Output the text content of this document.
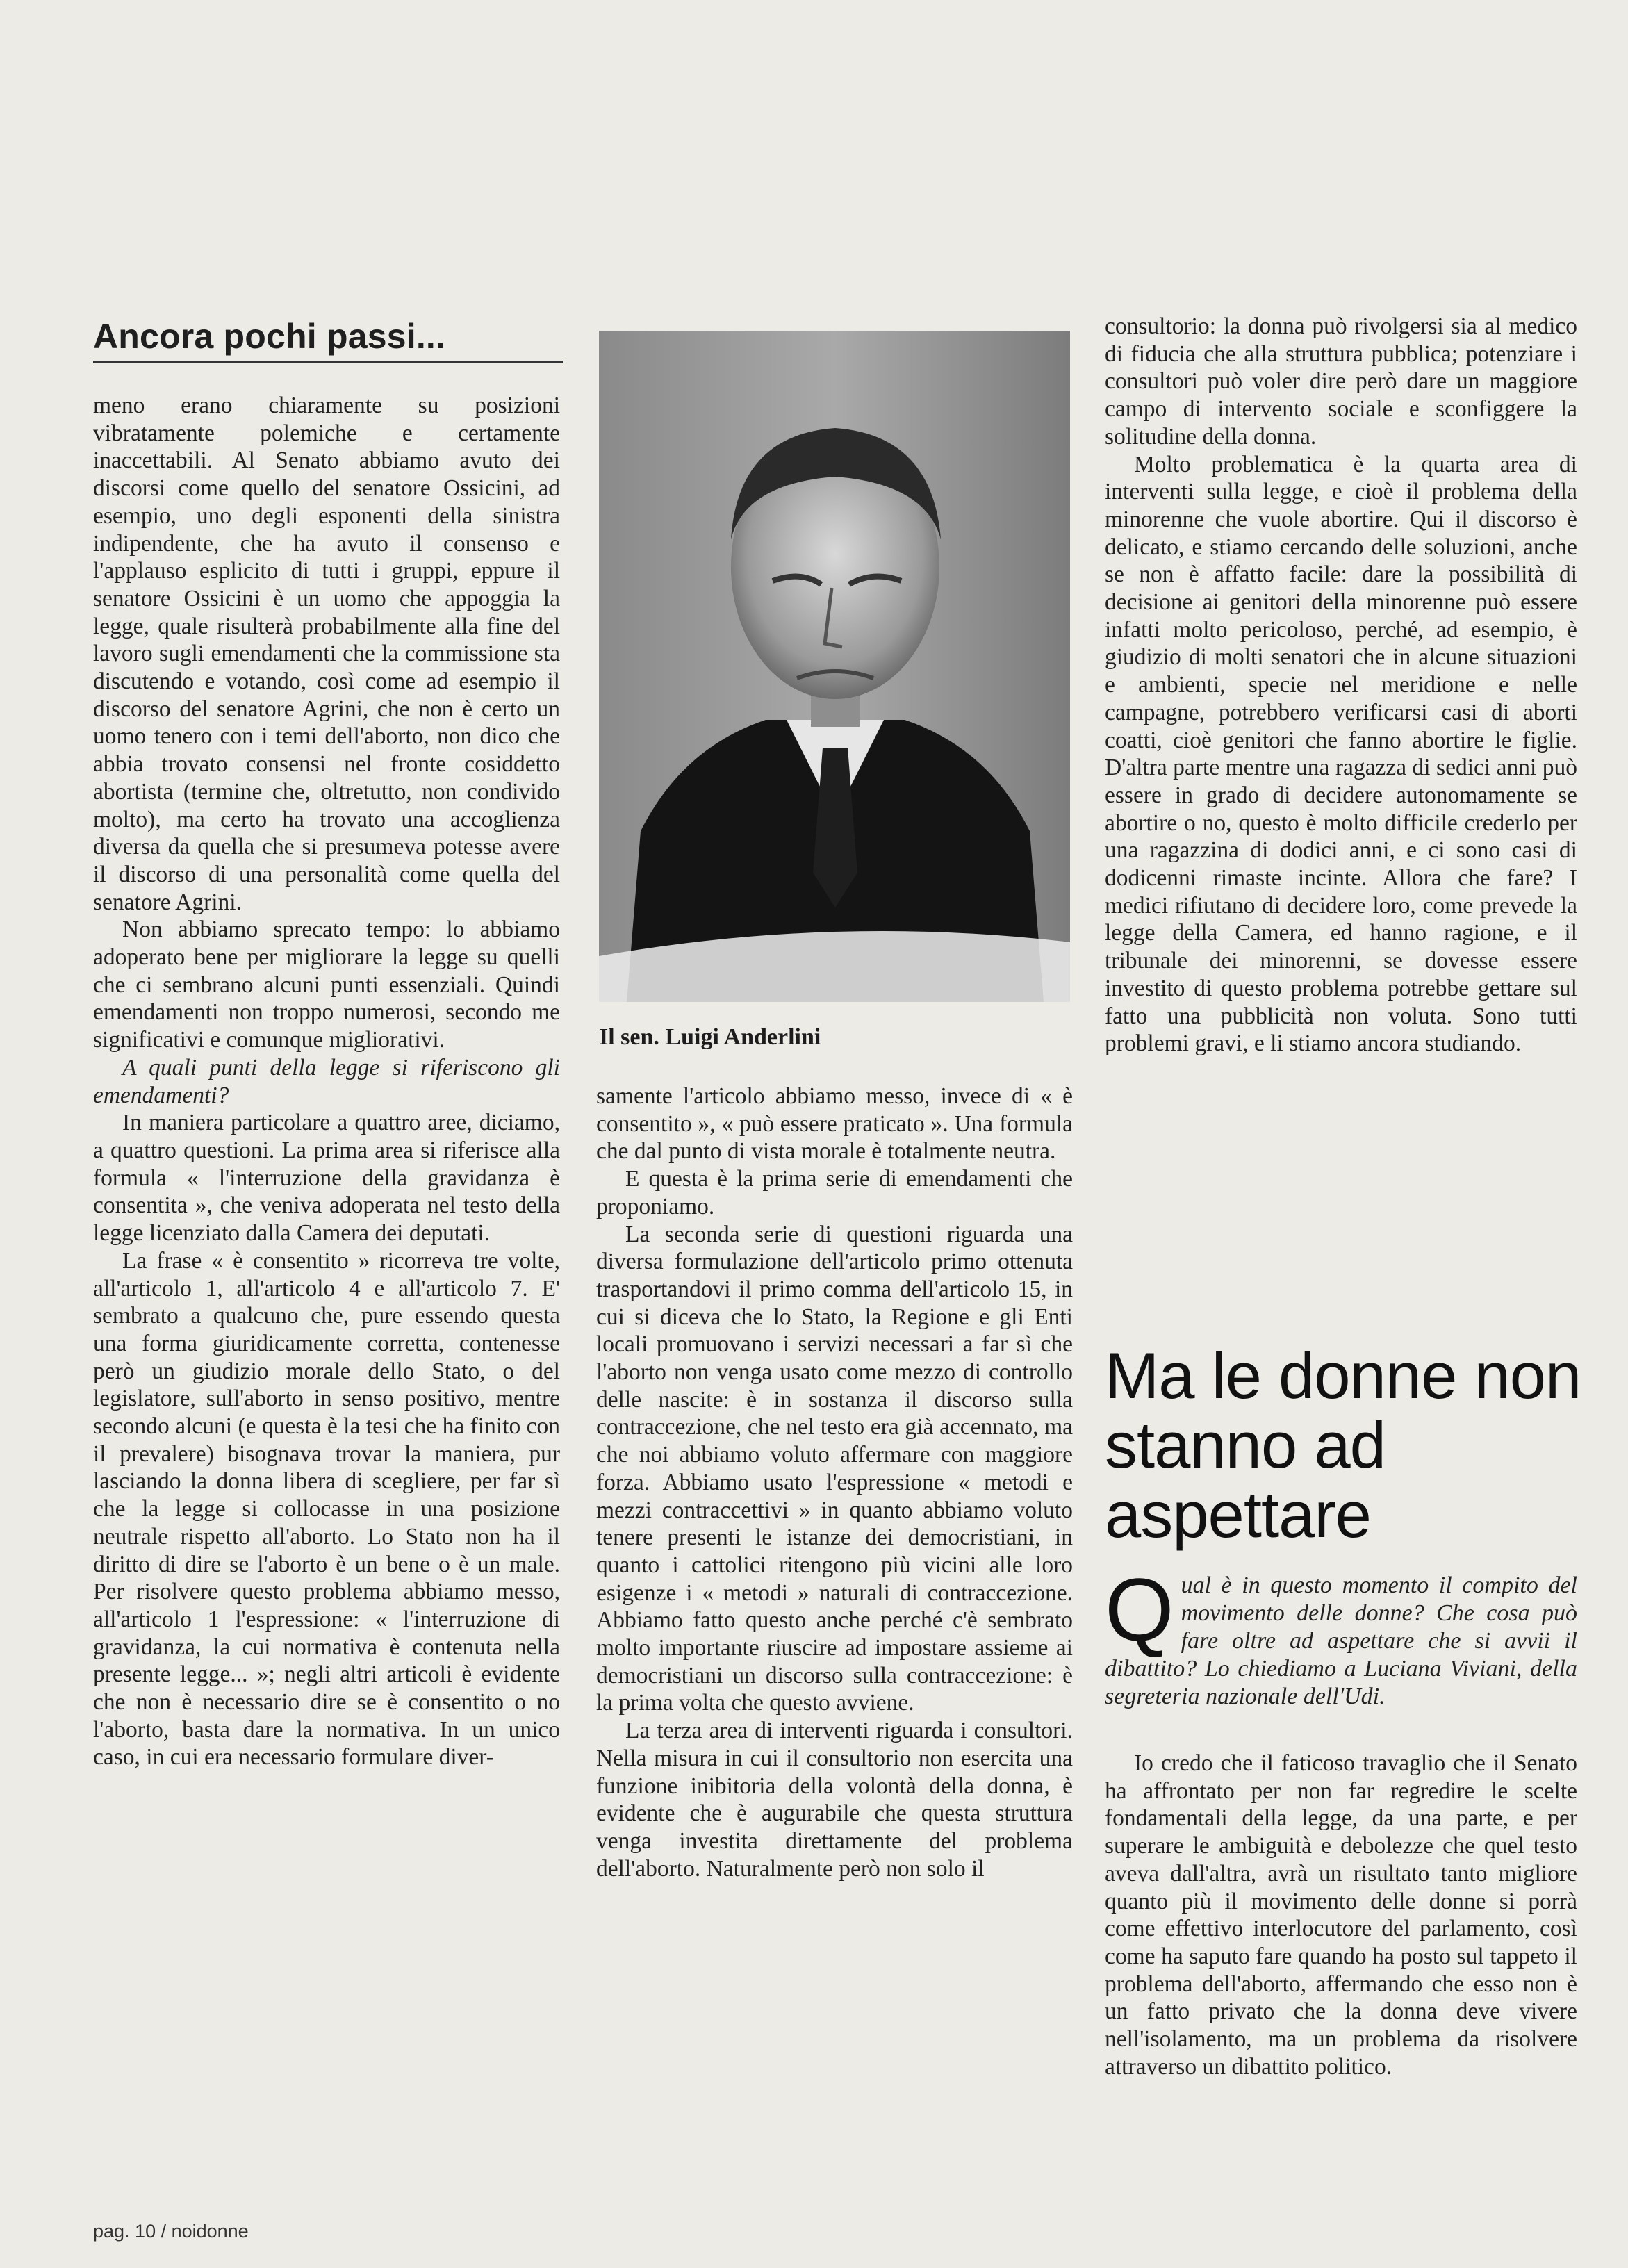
Ancora pochi passi...

meno erano chiaramente su posizioni vibratamente polemiche e certamente inaccettabili. Al Senato abbiamo avuto dei discorsi come quello del senatore Ossicini, ad esempio, uno degli esponenti della sinistra indipendente, che ha avuto il consenso e l'applauso esplicito di tutti i gruppi, eppure il senatore Ossicini è un uomo che appoggia la legge, quale risulterà probabilmente alla fine del lavoro sugli emendamenti che la commissione sta discutendo e votando, così come ad esempio il discorso del senatore Agrini, che non è certo un uomo tenero con i temi dell'aborto, non dico che abbia trovato consensi nel fronte cosiddetto abortista (termine che, oltretutto, non condivido molto), ma certo ha trovato una accoglienza diversa da quella che si presumeva potesse avere il discorso di una personalità come quella del senatore Agrini.

Non abbiamo sprecato tempo: lo abbiamo adoperato bene per migliorare la legge su quelli che ci sembrano alcuni punti essenziali. Quindi emendamenti non troppo numerosi, secondo me significativi e comunque migliorativi.

A quali punti della legge si riferiscono gli emendamenti?

In maniera particolare a quattro aree, diciamo, a quattro questioni. La prima area si riferisce alla formula « l'interruzione della gravidanza è consentita », che veniva adoperata nel testo della legge licenziato dalla Camera dei deputati.

La frase « è consentito » ricorreva tre volte, all'articolo 1, all'articolo 4 e all'articolo 7. E' sembrato a qualcuno che, pure essendo questa una forma giuridicamente corretta, contenesse però un giudizio morale dello Stato, o del legislatore, sull'aborto in senso positivo, mentre secondo alcuni (e questa è la tesi che ha finito con il prevalere) bisognava trovar la maniera, pur lasciando la donna libera di scegliere, per far sì che la legge si collocasse in una posizione neutrale rispetto all'aborto. Lo Stato non ha il diritto di dire se l'aborto è un bene o è un male. Per risolvere questo problema abbiamo messo, all'articolo 1 l'espressione: « l'interruzione di gravidanza, la cui normativa è contenuta nella presente legge... »; negli altri articoli è evidente che non è necessario dire se è consentito o no l'aborto, basta dare la normativa. In un unico caso, in cui era necessario formulare diver-

Il sen. Luigi Anderlini

samente l'articolo abbiamo messo, invece di « è consentito », « può essere praticato ». Una formula che dal punto di vista morale è totalmente neutra.

E questa è la prima serie di emendamenti che proponiamo.

La seconda serie di questioni riguarda una diversa formulazione dell'articolo primo ottenuta trasportandovi il primo comma dell'articolo 15, in cui si diceva che lo Stato, la Regione e gli Enti locali promuovano i servizi necessari a far sì che l'aborto non venga usato come mezzo di controllo delle nascite: è in sostanza il discorso sulla contraccezione, che nel testo era già accennato, ma che noi abbiamo voluto affermare con maggiore forza. Abbiamo usato l'espressione « metodi e mezzi contraccettivi » in quanto abbiamo voluto tenere presenti le istanze dei democristiani, in quanto i cattolici ritengono più vicini alle loro esigenze i « metodi » naturali di contraccezione. Abbiamo fatto questo anche perché c'è sembrato molto importante riuscire ad impostare assieme ai democristiani un discorso sulla contraccezione: è la prima volta che questo avviene.

La terza area di interventi riguarda i consultori. Nella misura in cui il consultorio non esercita una funzione inibitoria della volontà della donna, è evidente che è augurabile che questa struttura venga investita direttamente del problema dell'aborto. Naturalmente però non solo il

consultorio: la donna può rivolgersi sia al medico di fiducia che alla struttura pubblica; potenziare i consultori può voler dire però dare un maggiore campo di intervento sociale e sconfiggere la solitudine della donna.

Molto problematica è la quarta area di interventi sulla legge, e cioè il problema della minorenne che vuole abortire. Qui il discorso è delicato, e stiamo cercando delle soluzioni, anche se non è affatto facile: dare la possibilità di decisione ai genitori della minorenne può essere infatti molto pericoloso, perché, ad esempio, è giudizio di molti senatori che in alcune situazioni e ambienti, specie nel meridione e nelle campagne, potrebbero verificarsi casi di aborti coatti, cioè genitori che fanno abortire le figlie. D'altra parte mentre una ragazza di sedici anni può essere in grado di decidere autonomamente se abortire o no, questo è molto difficile crederlo per una ragazzina di dodici anni, e ci sono casi di dodicenni rimaste incinte. Allora che fare? I medici rifiutano di decidere loro, come prevede la legge della Camera, ed hanno ragione, e il tribunale dei minorenni, se dovesse essere investito di questo problema potrebbe gettare sul fatto una pubblicità non voluta. Sono tutti problemi gravi, e li stiamo ancora studiando.

Ma le donne non stanno ad aspettare
Q ual è in questo momento il compito del movimento delle donne? Che cosa può fare oltre ad aspettare che si avvii il dibattito? Lo chiediamo a Luciana Viviani, della segreteria nazionale dell'Udi.

Io credo che il faticoso travaglio che il Senato ha affrontato per non far regredire le scelte fondamentali della legge, da una parte, e per superare le ambiguità e debolezze che quel testo aveva dall'altra, avrà un risultato tanto migliore quanto più il movimento delle donne si porrà come effettivo interlocutore del parlamento, così come ha saputo fare quando ha posto sul tappeto il problema dell'aborto, affermando che esso non è un fatto privato che la donna deve vivere nell'isolamento, ma un problema da risolvere attraverso un dibattito politico.

pag. 10 / noidonne
